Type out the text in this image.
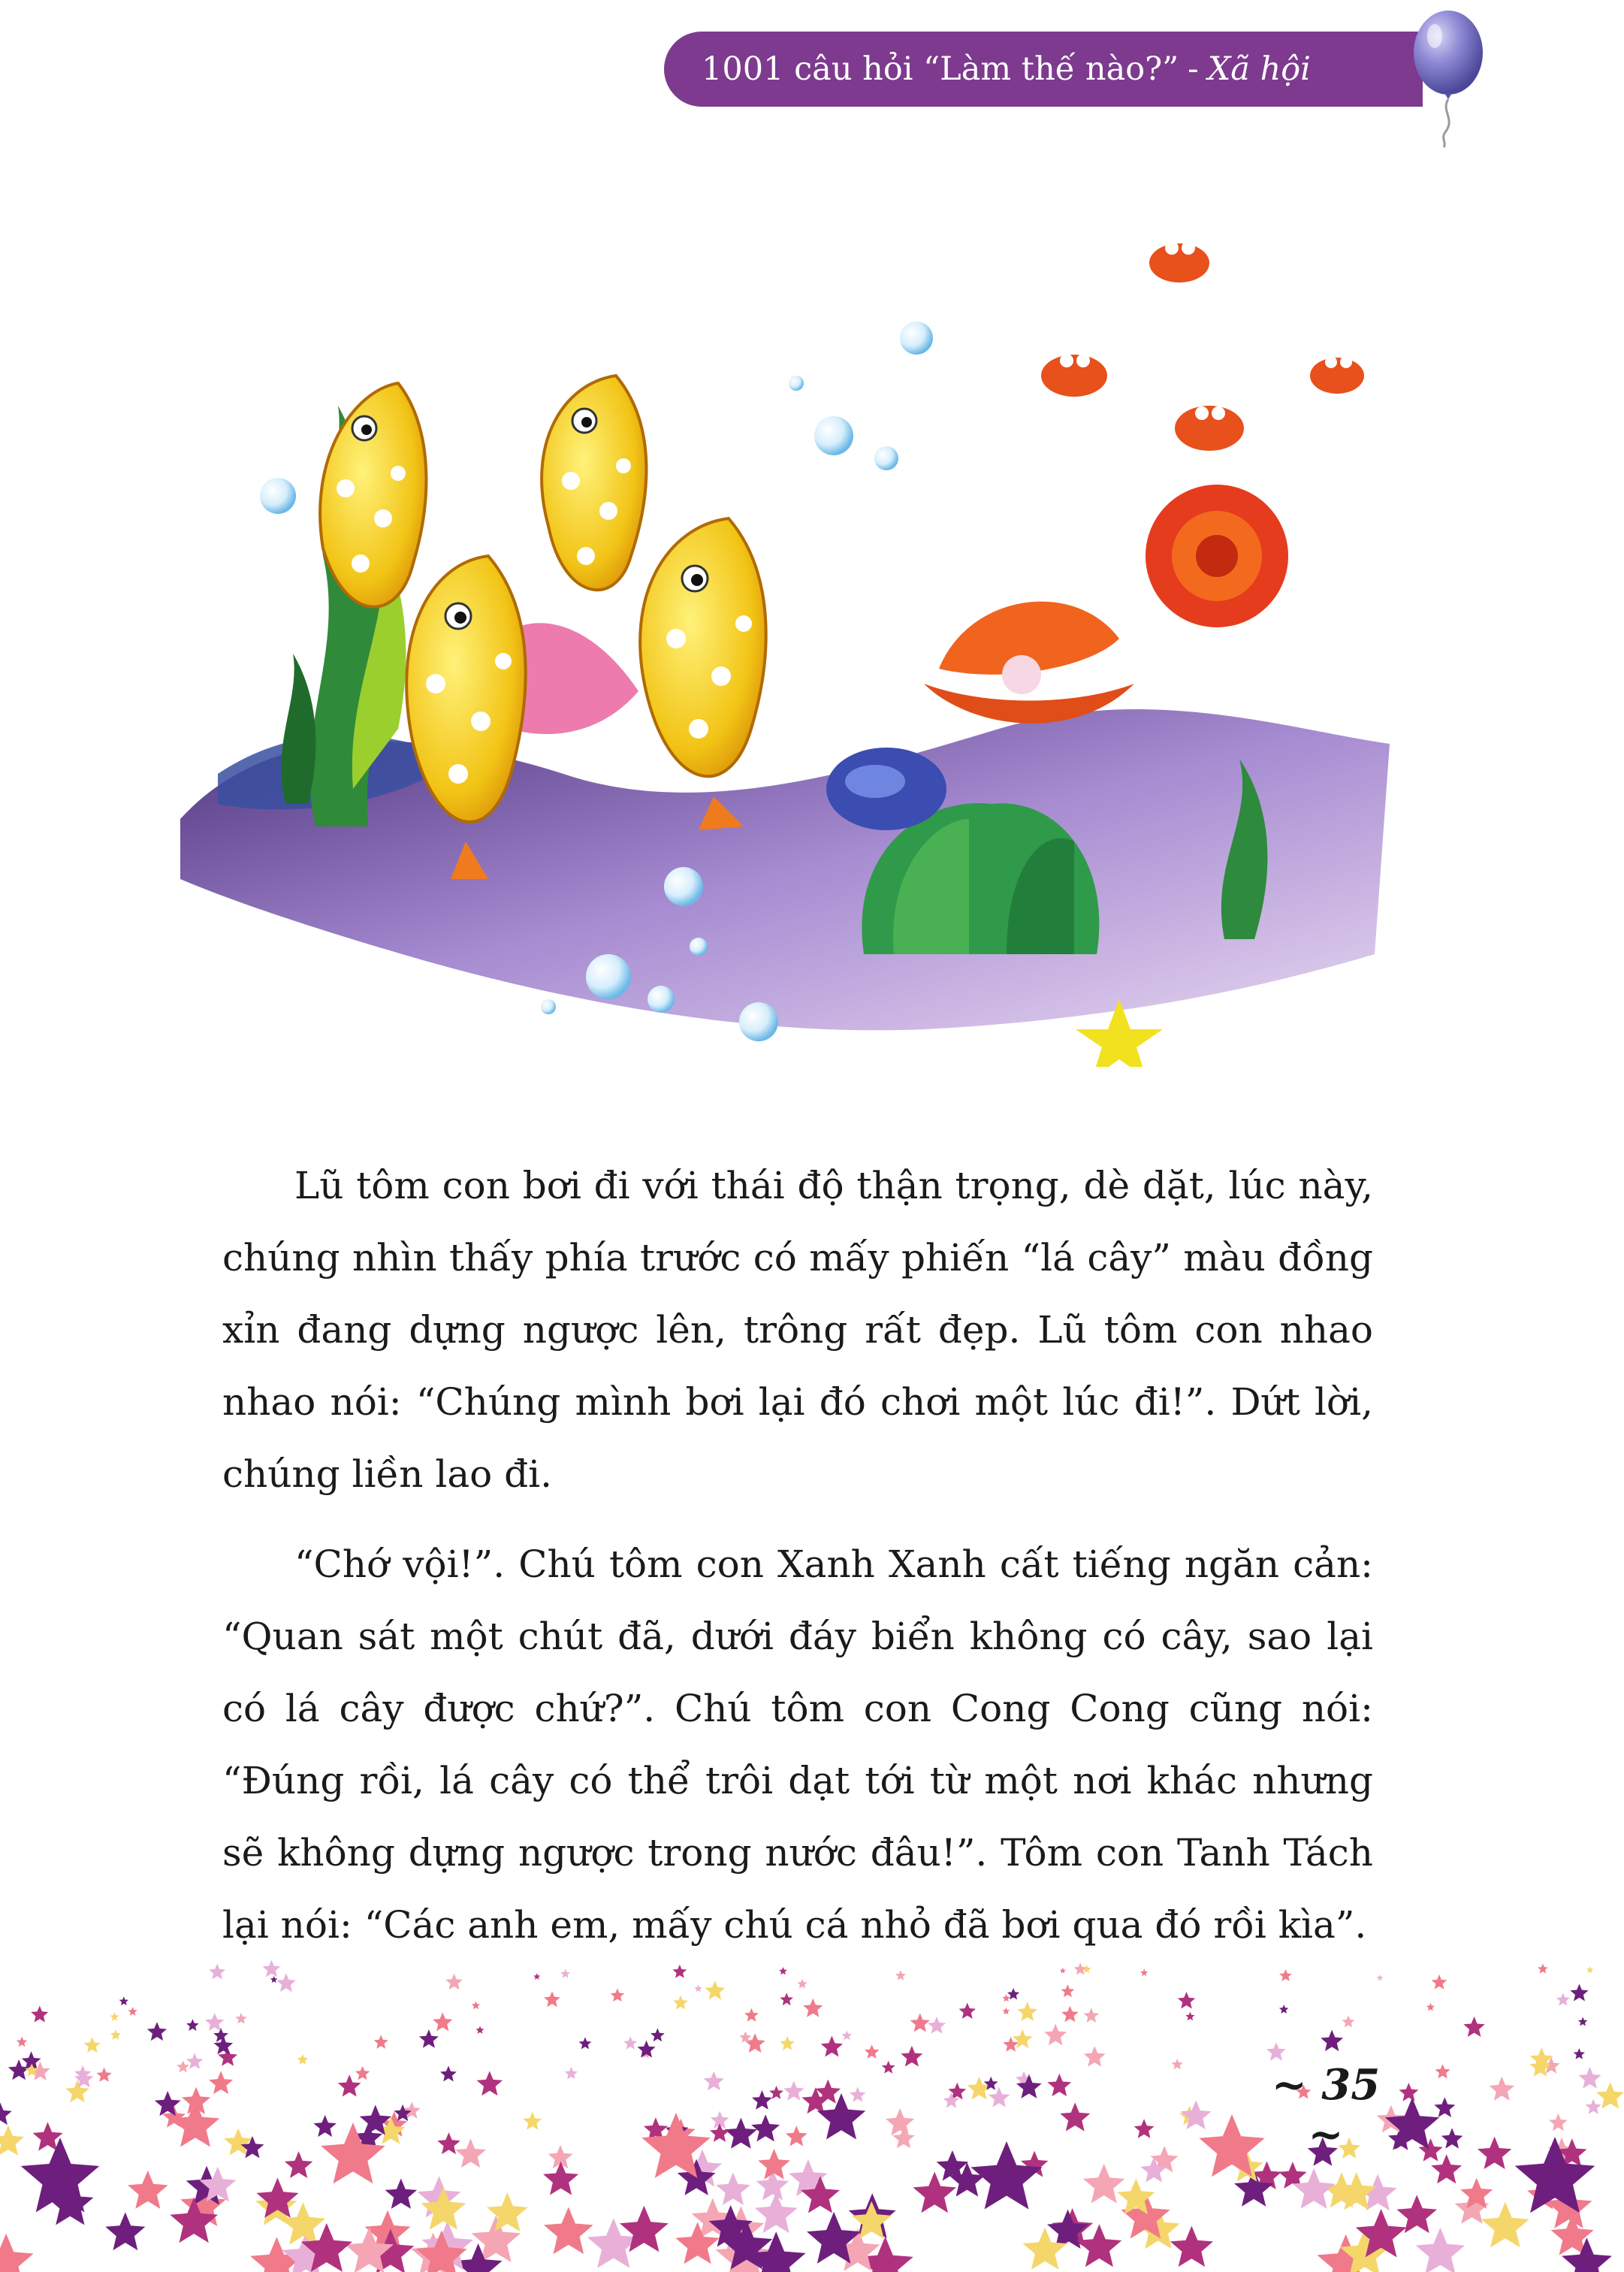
1001 câu hỏi “Làm thế nào?” - Xã hội

Lũ tôm con bơi đi với thái độ thận trọng, dè dặt, lúc này, chúng nhìn thấy phía trước có mấy phiến “lá cây” màu đồng xỉn đang dựng ngược lên, trông rất đẹp. Lũ tôm con nhao nhao nói: “Chúng mình bơi lại đó chơi một lúc đi!”. Dứt lời, chúng liền lao đi.

“Chớ vội!”. Chú tôm con Xanh Xanh cất tiếng ngăn cản: “Quan sát một chút đã, dưới đáy biển không có cây, sao lại có lá cây được chứ?”. Chú tôm con Cong Cong cũng nói: “Đúng rồi, lá cây có thể trôi dạt tới từ một nơi khác nhưng sẽ không dựng ngược trong nước đâu!”. Tôm con Tanh Tách lại nói: “Các anh em, mấy chú cá nhỏ đã bơi qua đó rồi kìa”.

~ 35 ~
